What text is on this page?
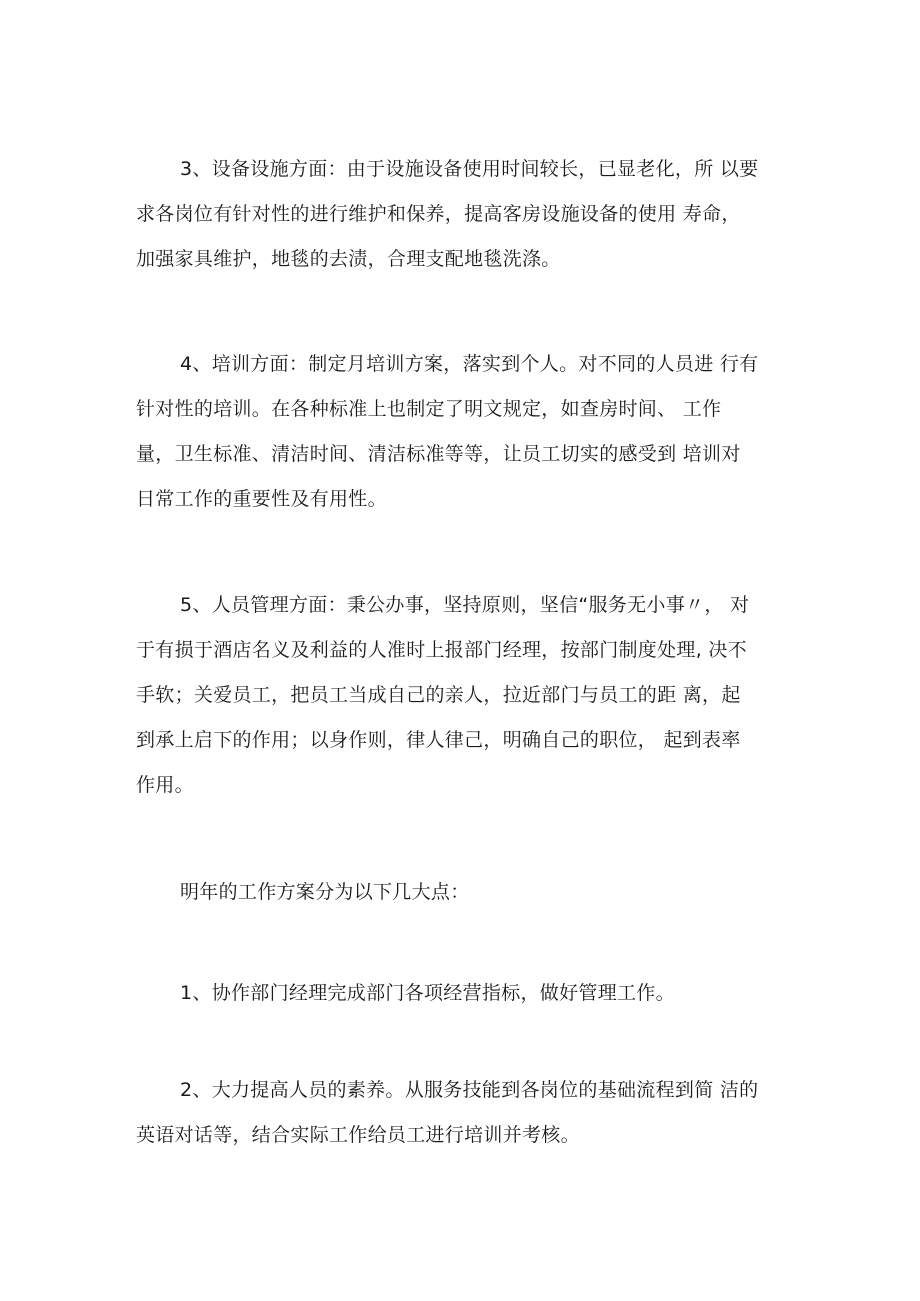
3、设备设施方面：由于设施设备使用时间较长，已显老化，所 以要
求各岗位有针对性的进行维护和保养，提高客房设施设备的使用 寿命，
加强家具维护，地毯的去渍，合理支配地毯洗涤。
4、培训方面：制定月培训方案，落实到个人。对不同的人员进 行有
针对性的培训。在各种标准上也制定了明文规定，如查房时间、 工作
量，卫生标准、清洁时间、清洁标准等等，让员工切实的感受到 培训对
日常工作的重要性及有用性。
5、人员管理方面：秉公办事，坚持原则，坚信“服务无小事〃， 对
于有损于酒店名义及利益的人准时上报部门经理，按部门制度处理, 决不
手软；关爱员工，把员工当成自己的亲人，拉近部门与员工的距 离，起
到承上启下的作用；以身作则，律人律己，明确自己的职位， 起到表率
作用。
明年的工作方案分为以下几大点：
1、协作部门经理完成部门各项经营指标，做好管理工作。
2、大力提高人员的素养。从服务技能到各岗位的基础流程到简 洁的
英语对话等，结合实际工作给员工进行培训并考核。
